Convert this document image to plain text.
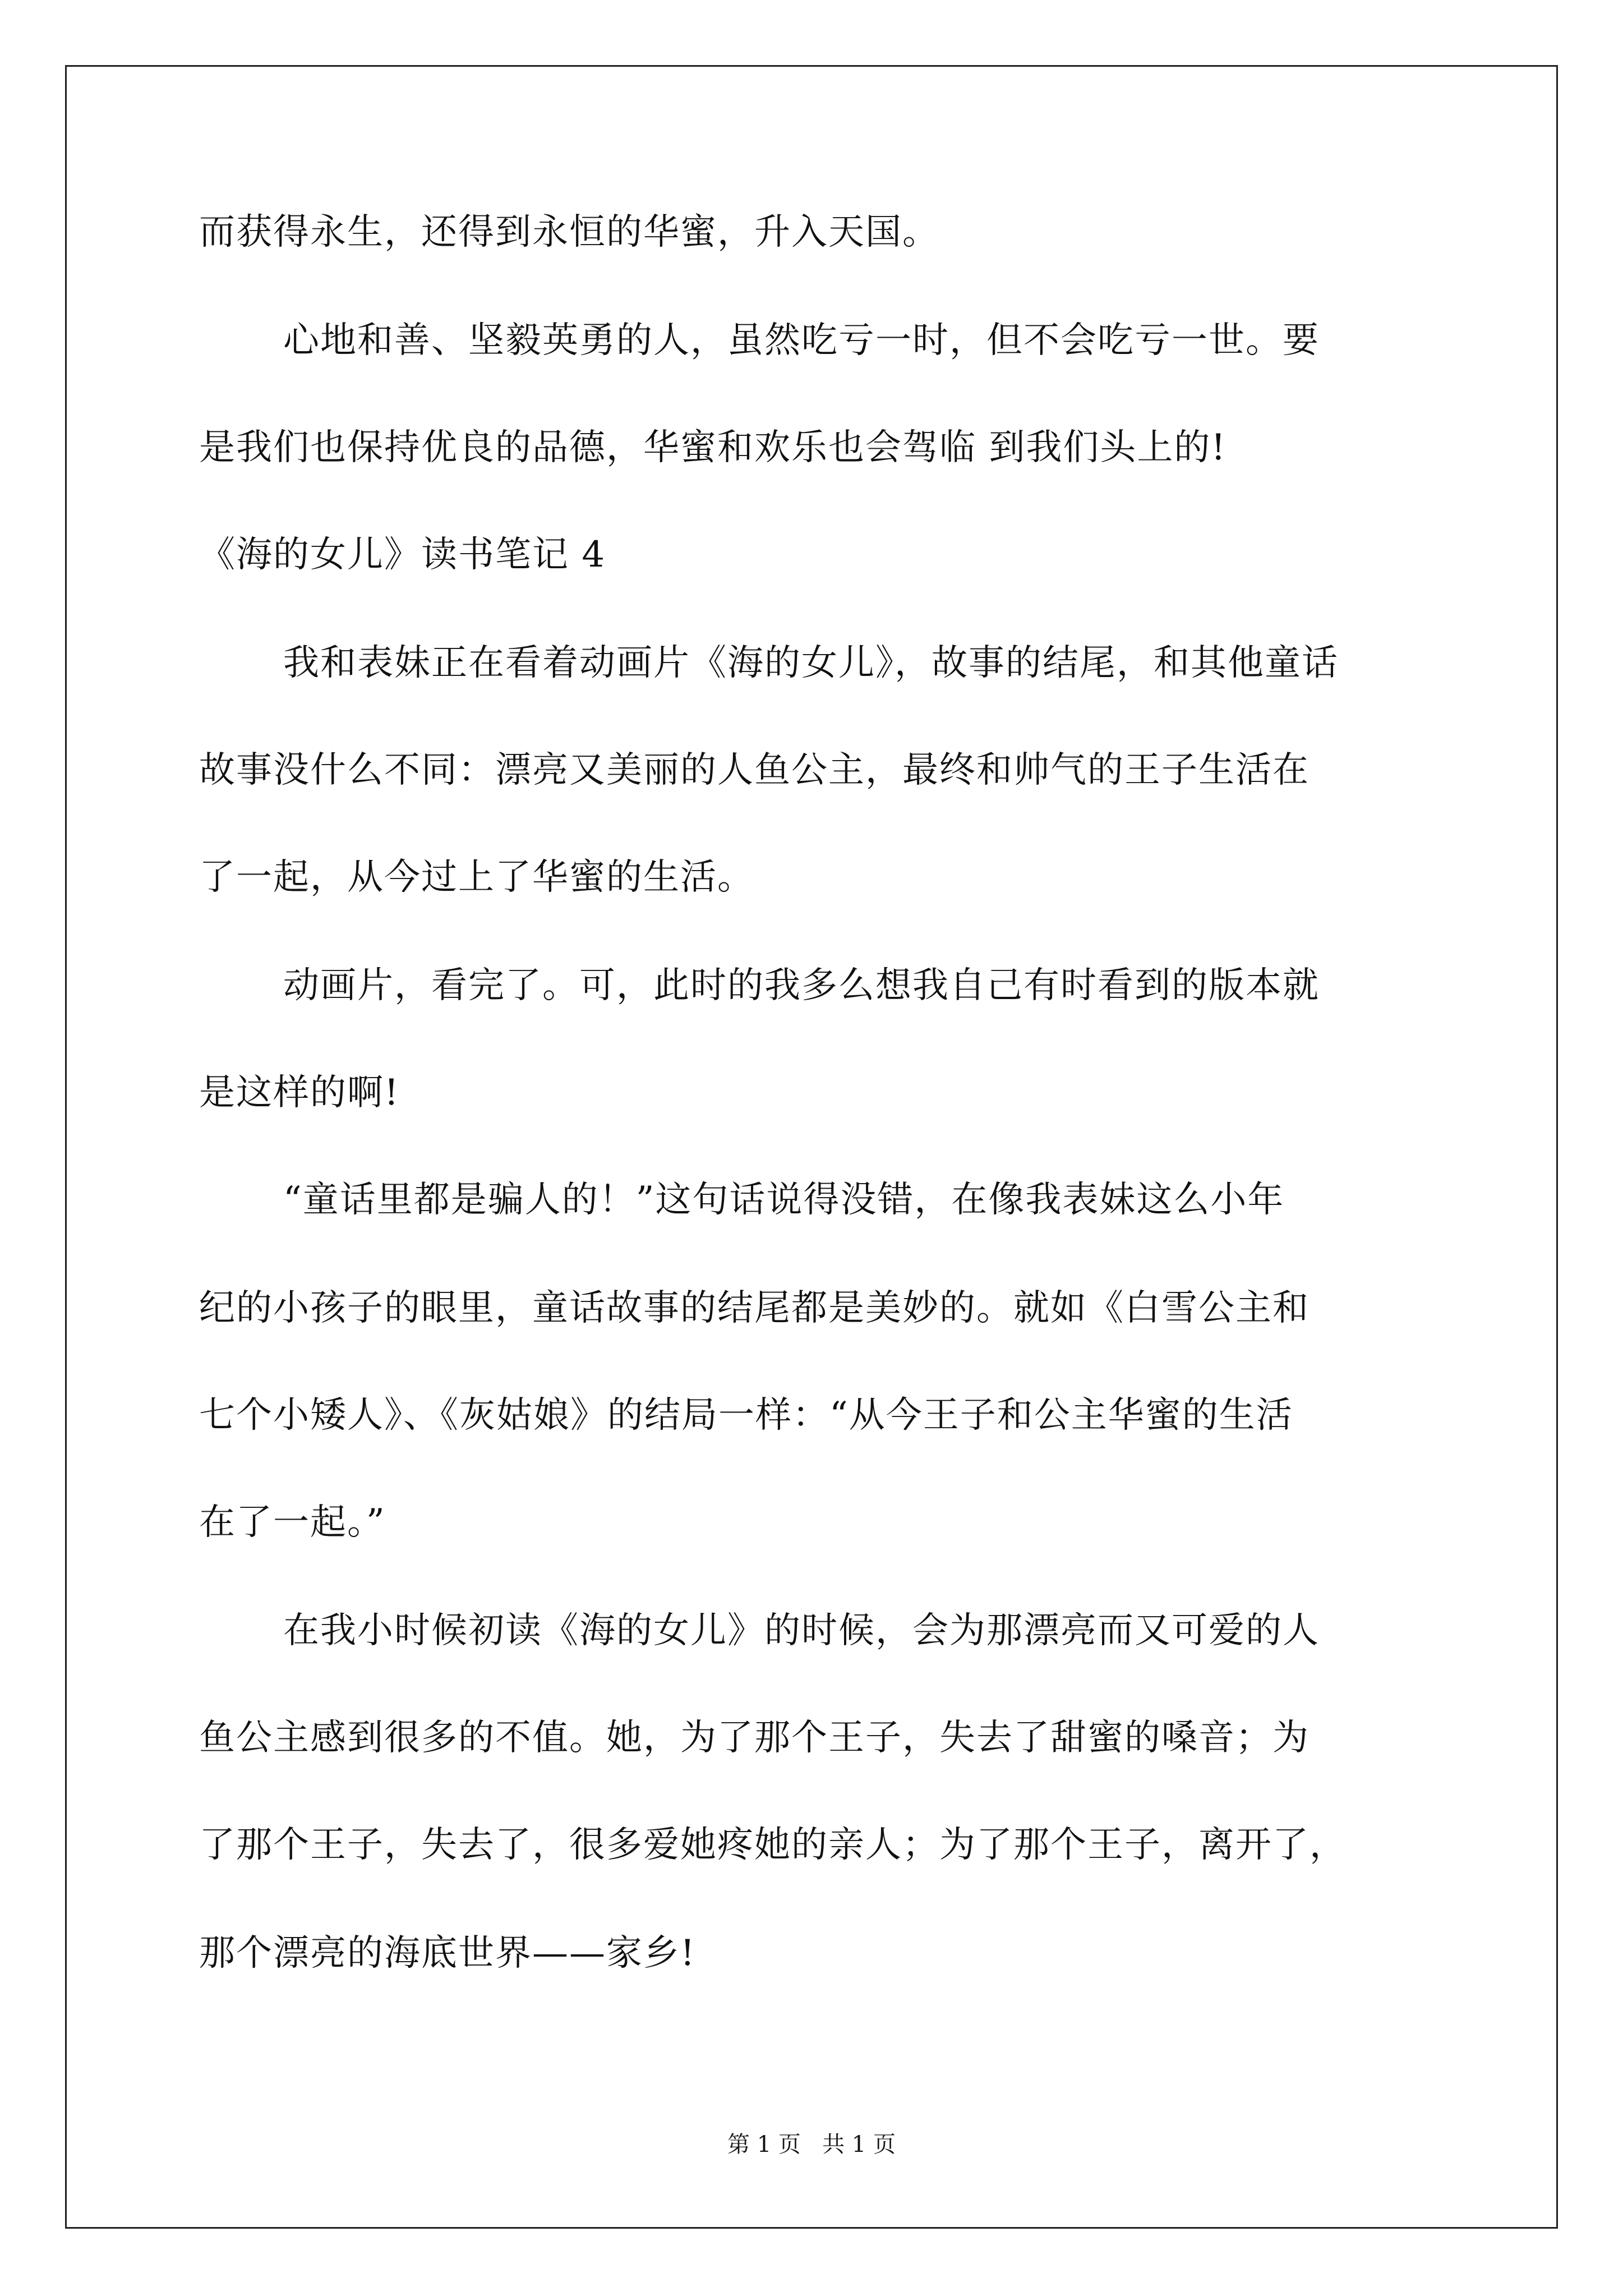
而获得永生，还得到永恒的华蜜，升入天国。
心地和善、坚毅英勇的人，虽然吃亏一时，但不会吃亏一世。要
是我们也保持优良的品德，华蜜和欢乐也会驾临 到我们头上的!
《海的女儿》读书笔记 4
我和表妹正在看着动画片《海的女儿》，故事的结尾，和其他童话
故事没什么不同：漂亮又美丽的人鱼公主，最终和帅气的王子生活在
了一起，从今过上了华蜜的生活。
动画片，看完了。可，此时的我多么想我自己有时看到的版本就
是这样的啊!
“童话里都是骗人的！”这句话说得没错，在像我表妹这么小年
纪的小孩子的眼里，童话故事的结尾都是美妙的。就如《白雪公主和
七个小矮人》、《灰姑娘》的结局一样：“从今王子和公主华蜜的生活
在了一起。”
在我小时候初读《海的女儿》的时候，会为那漂亮而又可爱的人
鱼公主感到很多的不值。她，为了那个王子，失去了甜蜜的嗓音；为
了那个王子，失去了，很多爱她疼她的亲人；为了那个王子，离开了，
那个漂亮的海底世界——家乡!
第 1 页   共 1 页
